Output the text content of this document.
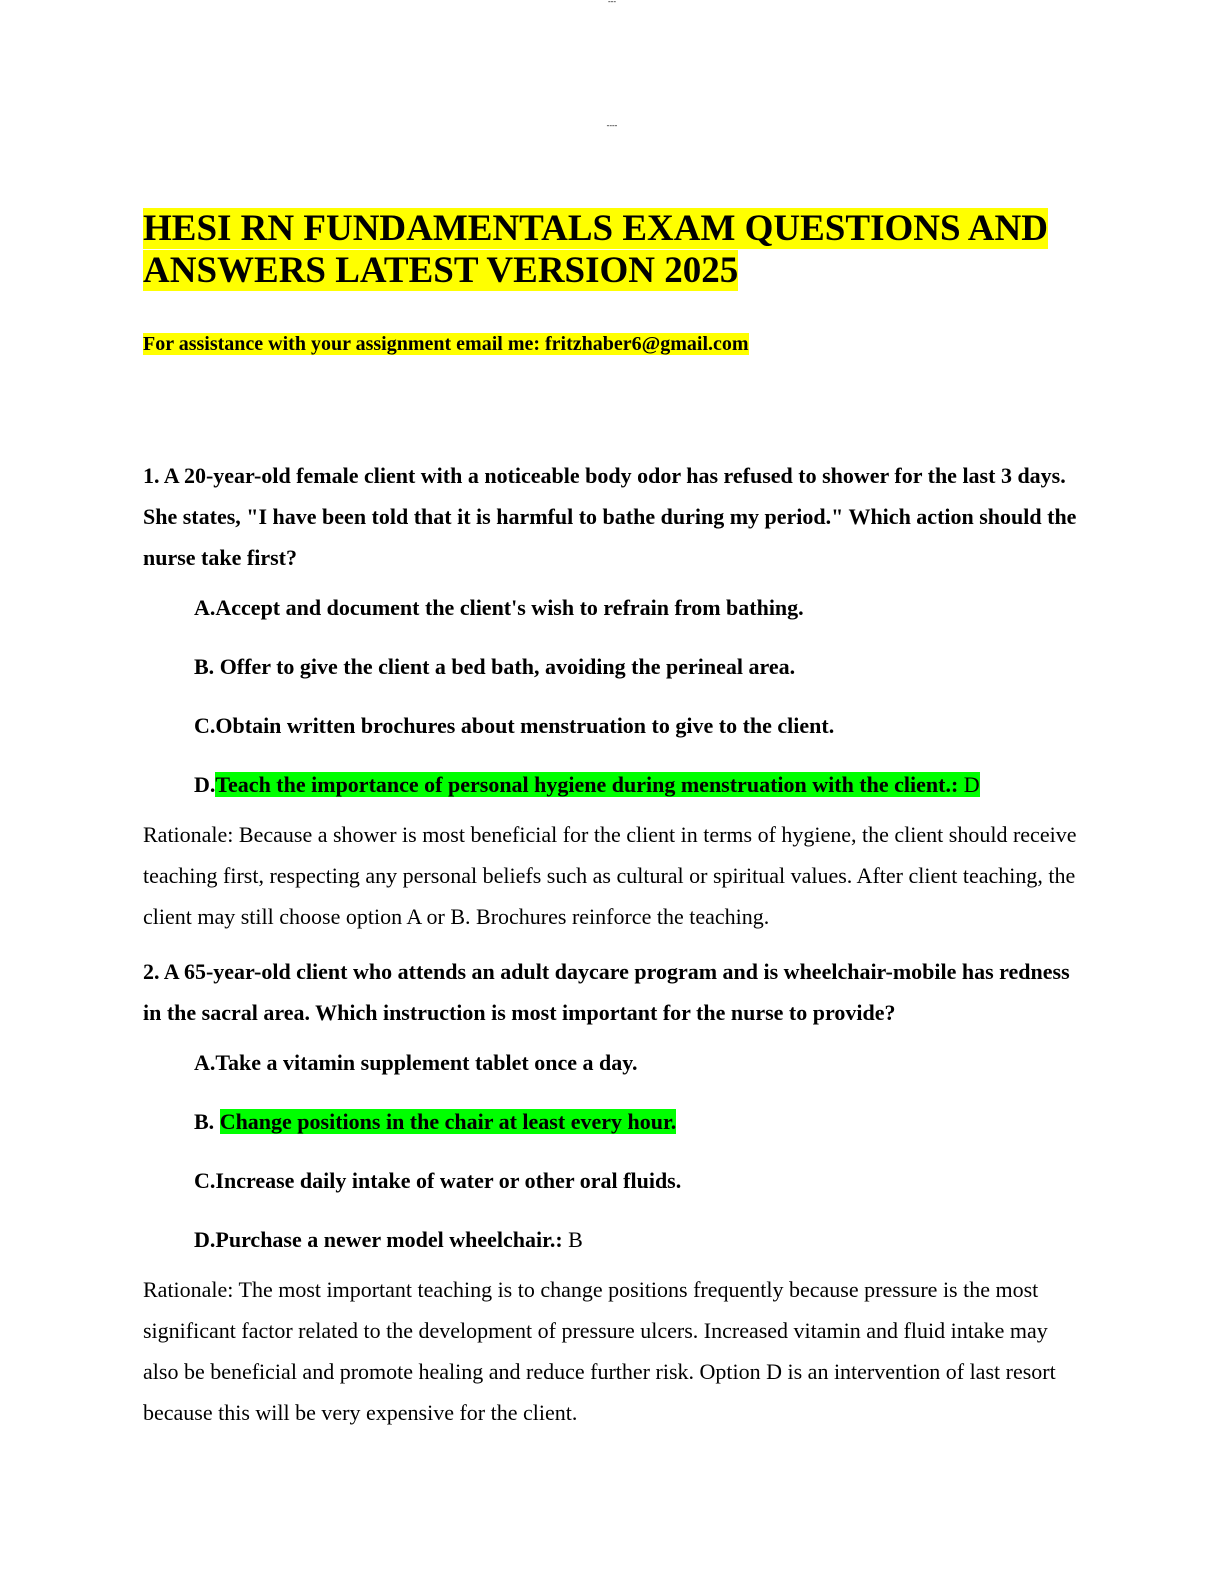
---
----
HESI RN FUNDAMENTALS EXAM QUESTIONS AND
ANSWERS LATEST VERSION 2025

For assistance with your assignment email me: fritzhaber6@gmail.com

1. A 20-year-old female client with a noticeable body odor has refused to shower for the last 3 days. She states, "I have been told that it is harmful to bathe during my period." Which action should the nurse take first?

A.Accept and document the client's wish to refrain from bathing.
B. Offer to give the client a bed bath, avoiding the perineal area.
C.Obtain written brochures about menstruation to give to the client.
D.Teach the importance of personal hygiene during menstruation with the client.: D

Rationale: Because a shower is most beneficial for the client in terms of hygiene, the client should receive teaching first, respecting any personal beliefs such as cultural or spiritual values. After client teaching, the client may still choose option A or B. Brochures reinforce the teaching.

2. A 65-year-old client who attends an adult daycare program and is wheelchair-mobile has redness in the sacral area. Which instruction is most important for the nurse to provide?

A.Take a vitamin supplement tablet once a day.
B. Change positions in the chair at least every hour.
C.Increase daily intake of water or other oral fluids.
D.Purchase a newer model wheelchair.: B

Rationale: The most important teaching is to change positions frequently because pressure is the most significant factor related to the development of pressure ulcers. Increased vitamin and fluid intake may also be beneficial and promote healing and reduce further risk. Option D is an intervention of last resort because this will be very expensive for the client.
